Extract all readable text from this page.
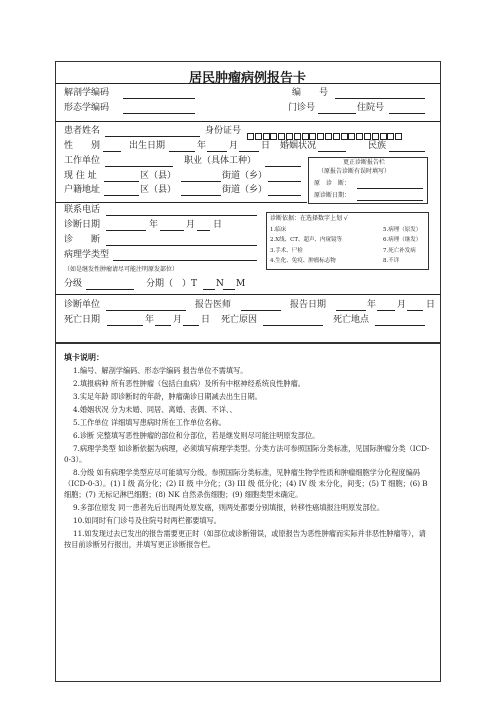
居民肿瘤病例报告卡
解剖学编码	编　　号
形态学编码	门诊号	住院号
患者姓名	身份证号
性　　别	出生日期	年	月	日 婚姻状况	民族
工作单位	职业（具体工种）
现 住 址	区（县）	街道（乡）
户籍地址	区（县）	街道（乡）
更正诊断报告栏
（原报告诊断有误时填写）
原　诊　断：
原诊断日期：
联系电话
诊断日期	年	月 日
诊　　断
病理学类型
（如是继发性肿瘤请尽可能注明原发部位）
诊断依据：在选择数字上划 √
1.临床
2.X线、CT、超声、内窥镜等
3.手术、尸检
4.生化、免疫、肿瘤标志物
5.病理（原发）
6.病理（继发）
7.死亡补发病
8.不详
分级	分期（　）T N M
诊断单位	报告医师	报告日期	年 月 日
死亡日期	年 月 日 死亡原因	死亡地点
填卡说明：
1.编号、解剖学编码、形态学编码 报告单位不需填写。
2.填报病种 所有恶性肿瘤（包括白血病）及所有中枢神经系统良性肿瘤。
3.实足年龄 即诊断时的年龄，肿瘤确诊日期减去出生日期。
4.婚姻状况 分为未婚、同居、离婚、丧偶、不详、、
5.工作单位 详细填写患病时所在工作单位名称。
6.诊断 完整填写恶性肿瘤的部位和分部位，若是继发则尽可能注明原发部位。
7.病理学类型 如诊断依据为病理，必须填写病理学类型。分类方法可参照国际分类标准，见国际肿瘤分类（ICD-0-3）。
8.分级 如有病理学类型应尽可能填写分级。参照国际分类标准，见肿瘤生物学性质和肿瘤细胞学分化程度编码（ICD-0-3）。(1) I 级 高分化；(2) II 级 中分化；(3) III 级 低分化；(4) IV 级 未分化，间变；(5) T 细胞；(6) B 细胞；(7) 无标记淋巴细胞；(8) NK 自然杀伤细胞；(9) 细胞类型未确定。
9.多部位原发 同一患者先后出现两处原发癌，则两处都要分别填报，转移性癌填报注明原发部位。
10.如同时有门诊号及住院号时两栏都要填写。
11.如发现过去已发出的报告需要更正时（如部位或诊断错误，或原报告为恶性肿瘤而实际并非恶性肿瘤等），请按目前诊断另行报出，并填写更正诊断报告栏。
